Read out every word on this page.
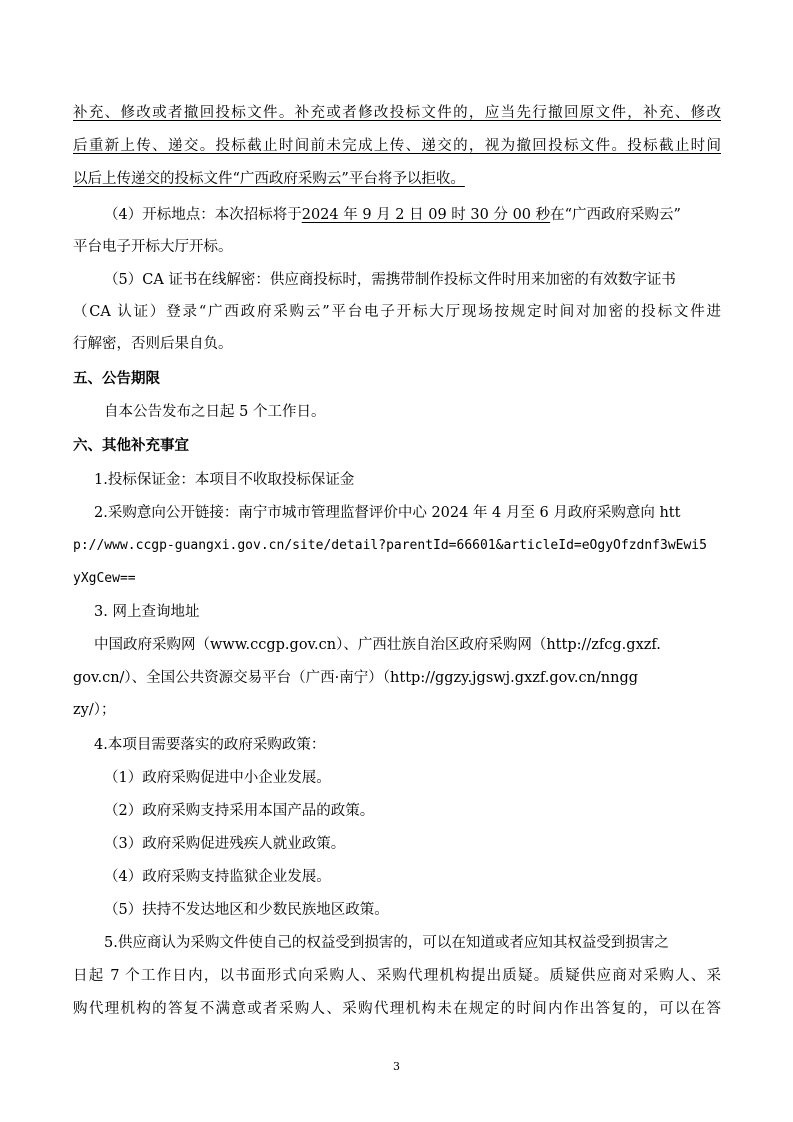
补充、修改或者撤回投标文件。补充或者修改投标文件的，应当先行撤回原文件，补充、修改
后重新上传、递交。投标截止时间前未完成上传、递交的，视为撤回投标文件。投标截止时间
以后上传递交的投标文件“广西政府采购云”平台将予以拒收。
（4）开标地点：本次招标将于2024 年 9 月 2 日 09 时 30 分 00 秒在“广西政府采购云”
平台电子开标大厅开标。
（5）CA 证书在线解密：供应商投标时，需携带制作投标文件时用来加密的有效数字证书
（CA 认证）登录“广西政府采购云”平台电子开标大厅现场按规定时间对加密的投标文件进
行解密，否则后果自负。
五、公告期限
自本公告发布之日起 5 个工作日。
六、其他补充事宜
1.投标保证金：本项目不收取投标保证金
2.采购意向公开链接：南宁市城市管理监督评价中心 2024 年 4 月至 6 月政府采购意向 htt
p://www.ccgp-guangxi.gov.cn/site/detail?parentId=66601&articleId=eOgyOfzdnf3wEwi5
yXgCew==
3. 网上查询地址
中国政府采购网（www.ccgp.gov.cn）、广西壮族自治区政府采购网（http://zfcg.gxzf.
gov.cn/）、全国公共资源交易平台（广西·南宁）（http://ggzy.jgswj.gxzf.gov.cn/nngg
zy/）；
4.本项目需要落实的政府采购政策：
（1）政府采购促进中小企业发展。
（2）政府采购支持采用本国产品的政策。
（3）政府采购促进残疾人就业政策。
（4）政府采购支持监狱企业发展。
（5）扶持不发达地区和少数民族地区政策。
5.供应商认为采购文件使自己的权益受到损害的，可以在知道或者应知其权益受到损害之
日起 7 个工作日内，以书面形式向采购人、采购代理机构提出质疑。质疑供应商对采购人、采
购代理机构的答复不满意或者采购人、采购代理机构未在规定的时间内作出答复的，可以在答
3
